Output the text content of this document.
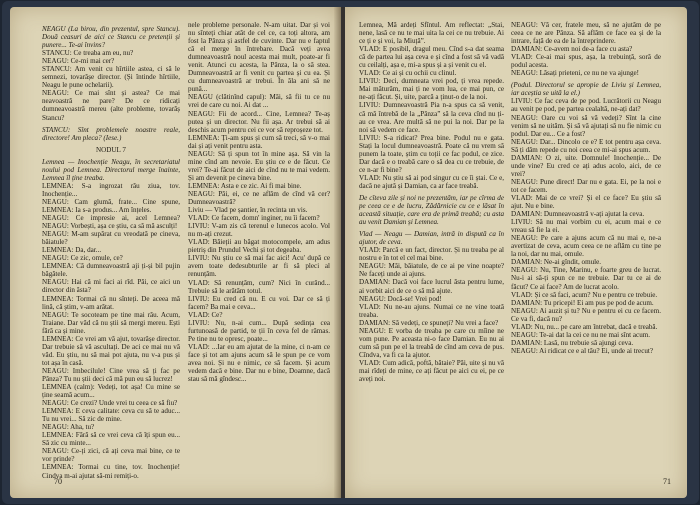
NEAGU (La birou, din prezentul, spre Stancu). Două ceasuri de aici ce Stancu ce pretenții și punere... Te-ai învins?

STANCU: Ce treaba am eu, nu?

NEAGU: Ce-mi mai cer?

STANCU: Am venit cu hîrtiile astea, ci să le semnezi, tovarășe director. (Și întinde hîrtiile, Neagu le pune ochelarii).

NEAGU: Ce mai sînt și astea? Ce mai neavoastră ne pare? De ce ridicați dumneavoastră mereu (alte probleme, tovarăș Stancu?

STANCU: Sînt problemele noastre reale, directore! Am pleca? (Iese.)

NODUL 7

Lemnea — Inochenție Neagu, în secretariatul noului pod Lemnea. Directorul merge înainte, Lemnea îl ține treaba.

LEMNEA: S-a ingrozat rău ziua, tov. Inochenție...

NEAGU: Cam glumă, frate... Cine spune, LEMNEA: Ia s-a produs... Am înțeles.

NEAGU: Ce impresie ai, acel Lemnea? NEAGU: Vorbești, așa ce știu, ca să mă asculți!

NEAGU: M-am supărat cu vreodată pe cineva, băiatule?

LEMNEA: Da, dar...

NEAGU: Ce zic, omule, ce?

LEMNEA: Că dumneavoastră aji ți-și bil pujin băgătele.

NEAGU: Hai că mi faci ai rîd. Păi, ce aici un director din ăsta?

LEMNEA: Tormai că nu sînteți. De aceea mă lină, că știm, v-am arătat.

NEAGU: Te socoteam pe tine mai rău. Acum, Traiane. Dar văd că nu știi să mergi mereu. Ești fără ca și mine.

LEMNEA: Ce vrei am vă ajut, tovarășe director. Dar trebuie să vă ascultați. De aci ce mai nu vă văd. Eu știu, nu să mai pot ajuta, nu v-a pus și tot așa în casă.

NEAGU: Imbecilule! Cine vrea să ți fac pe Pânza? Tu nu știi deci că mă pun eu să lucrez!

LEMNEA (calm): Vedeți, tot așa! Cu mine se ține seamă acum...

NEAGU: Ce crezi? Unde vrei tu ceea ce să fiu?

LEMNEA: E ceva calitate: ceva cu să te aduc... Tu nu vrei... Să zic de mine.

NEAGU: Aha, tu?

LEMNEA: Fără să ce vrei ceva că îți spun eu... Să zic cu minte...

NEAGU: Ce-ți zici, că ați ceva mai bine, ce te vor prinde?

LEMNEA: Tormai cu tine, tov. Inochenție! Cindva m-ai ajutat să-mi remiți-o.

nele probleme personale. N-am uitat. Dar și voi nu sînteți chiar atât de cel ce, ca toți altora, am fost la Pânza și astfel de cuvinte. Dar nu e faptul că el merge în întrebare. Dacă veți avea dumneavoastră noul acesta mai mult, poate-ar fi venit. Atunci cu acesta, la Pânza, la o să stea. Dumneavoastră ar fi venit cu partea și cu ea. Și cu dumneavoastră ar trebui. În ăla ani să ne pună...

NEAGU (clătinînd capul): Măi, să fii tu ce nu vrei de care cu noi. Ai dat ...

NEAGU: Fii de acord... Cine, Lemnea? Te-aș putea și un director. Nu fii așa. Ar trebui să ai deschis acum pentru cei ce vor să reproșeze tot.

LEMNEA: Ți-am spus și cum să treci, să v-o mai dai și ați venit pentru asta.

NEAGU: Să ți spun tot în mine așa. Să vin la mine cînd am nevoie. Eu știu ce e de făcut. Ce vrei? Te-ai făcut de aici de cînd nu te mai vedem. Și am devenit pe cineva bine.

LEMNEA: Asta e ce zic. Ai fi mai bine.

NEAGU: Păi, ei, ce ne aflăm de cînd vă cer? Dumneavoastră?

Liviu — Vlad pe șantier, în recinta un vis.

VLAD: Ce facem, domn' inginer, nu îi facem?

LIVIU: V-am zis că terenul e lunecos acolo. Vol nu m-ați crezut.

VLAD: Băieții au băgat motocompele, am adus pietriș din Prundul Vechi și tot degeaba.

LIVIU: Nu știu ce să mai fac aici! Acu' după ce avem toate dedesubturile ar fi să pleci al renunțăm.

VLAD: Să renunțăm, cum? Nici în curând... Trebuie să le arătăm totul.

LIVIU: Eu cred că nu. E cu voi. Dar ce să ți facem? Ba mai e ceva...

VLAD: Ce?

LIVIU: Nu, n-ai cum... După sedința cea furtunoasă de partid, te ții în ceva fel de rămas. Pe tine nu te opresc, poate...

VLAD: ...Iar eu am ajutat de la mine, ci n-am ce face și tot am ajuns acum să le spun pe ce vom avea noi. Și nu e nimic, ce să facem. Și acum vedem dacă e bine. Dar nu e bine, Doamne, dacă stau să mă gîndesc...

70

Lemnea, Mă ardeți Sfîntul. Am reflectat: „Stai, nene, lasă ce nu te mai uita la cei ce nu trebuie. Ai ce ți e și voi, la Miuță”.

VLAD: E posibil, dragul meu. Cînd s-a dat seama că de partea lui așa ceva e și cînd a fost să vă vadă cu ceilalți, așa e, mi-a spus și a și venit cu el.

VLAD: Ce ai și cu ochii cu clinul.

LIVIU: Deci, dumneata vrei pod, ți vrea repede. Mai măturăm, mai ți ne vom lua, ce mai pun, ce ne-ați făcut. Și, uite, parcă a ținut-o de la noi.

LIVIU: Dumneavoastră Pia n-a spus ca să venit, că mă întrebă de la „Pânza” să la ceva cînd nu ți-au ce vrea. Are multă să ne pui la noi. Dar pe la noi să vedem ce face.

LIVIU: S-a ridicat? Prea bine. Podul nu e gata. Stați la locul dumneavoastră. Poate că nu vrem să punem la toate, știm cu toții ce fac podul, ce zice. Dar dacă e o treabă care o să dea cu ce trebuie, de ce n-ar fi bine?

VLAD: Nu știu să ai pod singur cu ce îi ștai. Ce e, dacă ne ajută și Damian, ca ar face treabă.

De cîteva zile și noi ne prezentăm, iar pe cîrma de pe ceea ce e de lucru, Zădărnicie cu ce e lăsat în această situație, care era de primă treabă; cu asta au venit Damian și Lemnea.

Vlad — Neagu — Damian, intră in dispută ca în ajutor, de ceva.

VLAD: Parcă e un fact, director. Și nu treaba pe al nostru e în tot el cel mai bine.

NEAGU: Măi, băiatule, de ce ai pe vine noapte? Ne faceți unde ai ajuns.

DAMIAN: Dacă voi face lucrul ăsta pentru lume, ai vorbit aici de ce o să mă ajute.

NEAGU: Docă-se! Vrei pod!

VLAD: Nu ne-au ajuns. Numai ce ne vine toată treaba.

DAMIAN: Să vedeți, ce spuneți? Nu vrei a face?

NEAGU: E vorba de treaba pe care cu mîine ne vom pune. Pe aceasta ni-o face Damian. Eu nu ai cum să pun pe el la treabă de cînd am ceva de pus. Cîndva, va fi ca la ajutor.

VLAD: Cum adică, poftă, bătaie? Păi, uite și nu vă mai rîdeți de mine, ce ați făcut pe aici cu ei, pe ce aveți noi.

NEAGU: Vă cer, fratele meu, să ne ajutăm de pe ceea ce ne are Pânza. Să aflăm ce face ea și de la intrare, față de ea de la întreprindere.

DAMIAN: Ce-avem noi de-a face cu asta?

VLAD: Ce-ai mai spus, așa, la trebuință, soră de podul acesta.

NEAGU: Lăsați prieteni, ce nu ne va ajunge!

(Podul. Directorul se apropie de Liviu și Lemnea, iar aceștia se uită la el.)

LIVIU: Ce fac ceva de pe pod. Lucrătorii cu Neagu au venit pe pod, pe partea cealaltă, ne-ați dat?

NEAGU: Oare cu voi să vă vedeți? Sînt la cine venim să ne uităm. Și să vă ajutați să nu fie nimic cu podul. Dar eu... Ce a fost?

NEAGU: Dar... Dincolo ce e? E tot pentru așa ceva. Să ți dăm repede cu noi ceea ce mi-ai spus acum.

DAMIAN: O zi, uite. Domnule! Inochenție... De unde vine? Eu cred ce ați adus acolo, aici, de ce vrei?

NEAGU: Pune direct! Dar nu e gata. Ei, pe la noi e tot ce facem.

VLAD: Mai de ce vrei? Și el ce face? Eu știu să ajut. Nu e bine.

DAMIAN: Dumneavoastră v-ați ajutat la ceva.

LIVIU: Să nu mai vorbim cu ei, acum mai e ce vreau să fie la ei.

NEAGU: Pe care a ajuns acum că nu mai e, ne-a avertizat de ceva, acum ceea ce ne aflăm cu tine pe la noi, dar nu mai, omule.

DAMIAN: Ne-ai gîndit, omule.

NEAGU: Nu, Tine, Marinu, e foarte greu de lucrat. Nu-i ai să-ți spun ce ne trebuie. Dar tu ce ai de făcut? Ce ai face? Am de lucrat acolo.

VLAD: Și ce să faci, acum? Nu e pentru ce trebuie.

DAMIAN: Tu pricepi! Ei am pus pe pod de acum.

NEAGU: Ai auzit și tu? Nu e pentru ei cu ce facem. Ce va fi, dacă nu?

VLAD: Nu, nu... pe care am întrebat, dacă e treabă.

NEAGU: Te-ai dat la cei ce nu ne mai sînt acum.

DAMIAN: Lasă, nu trebuie să ajungi ceva.

NEAGU: Ai ridicat ce e al tău? Ei, unde ai trecut?

71
